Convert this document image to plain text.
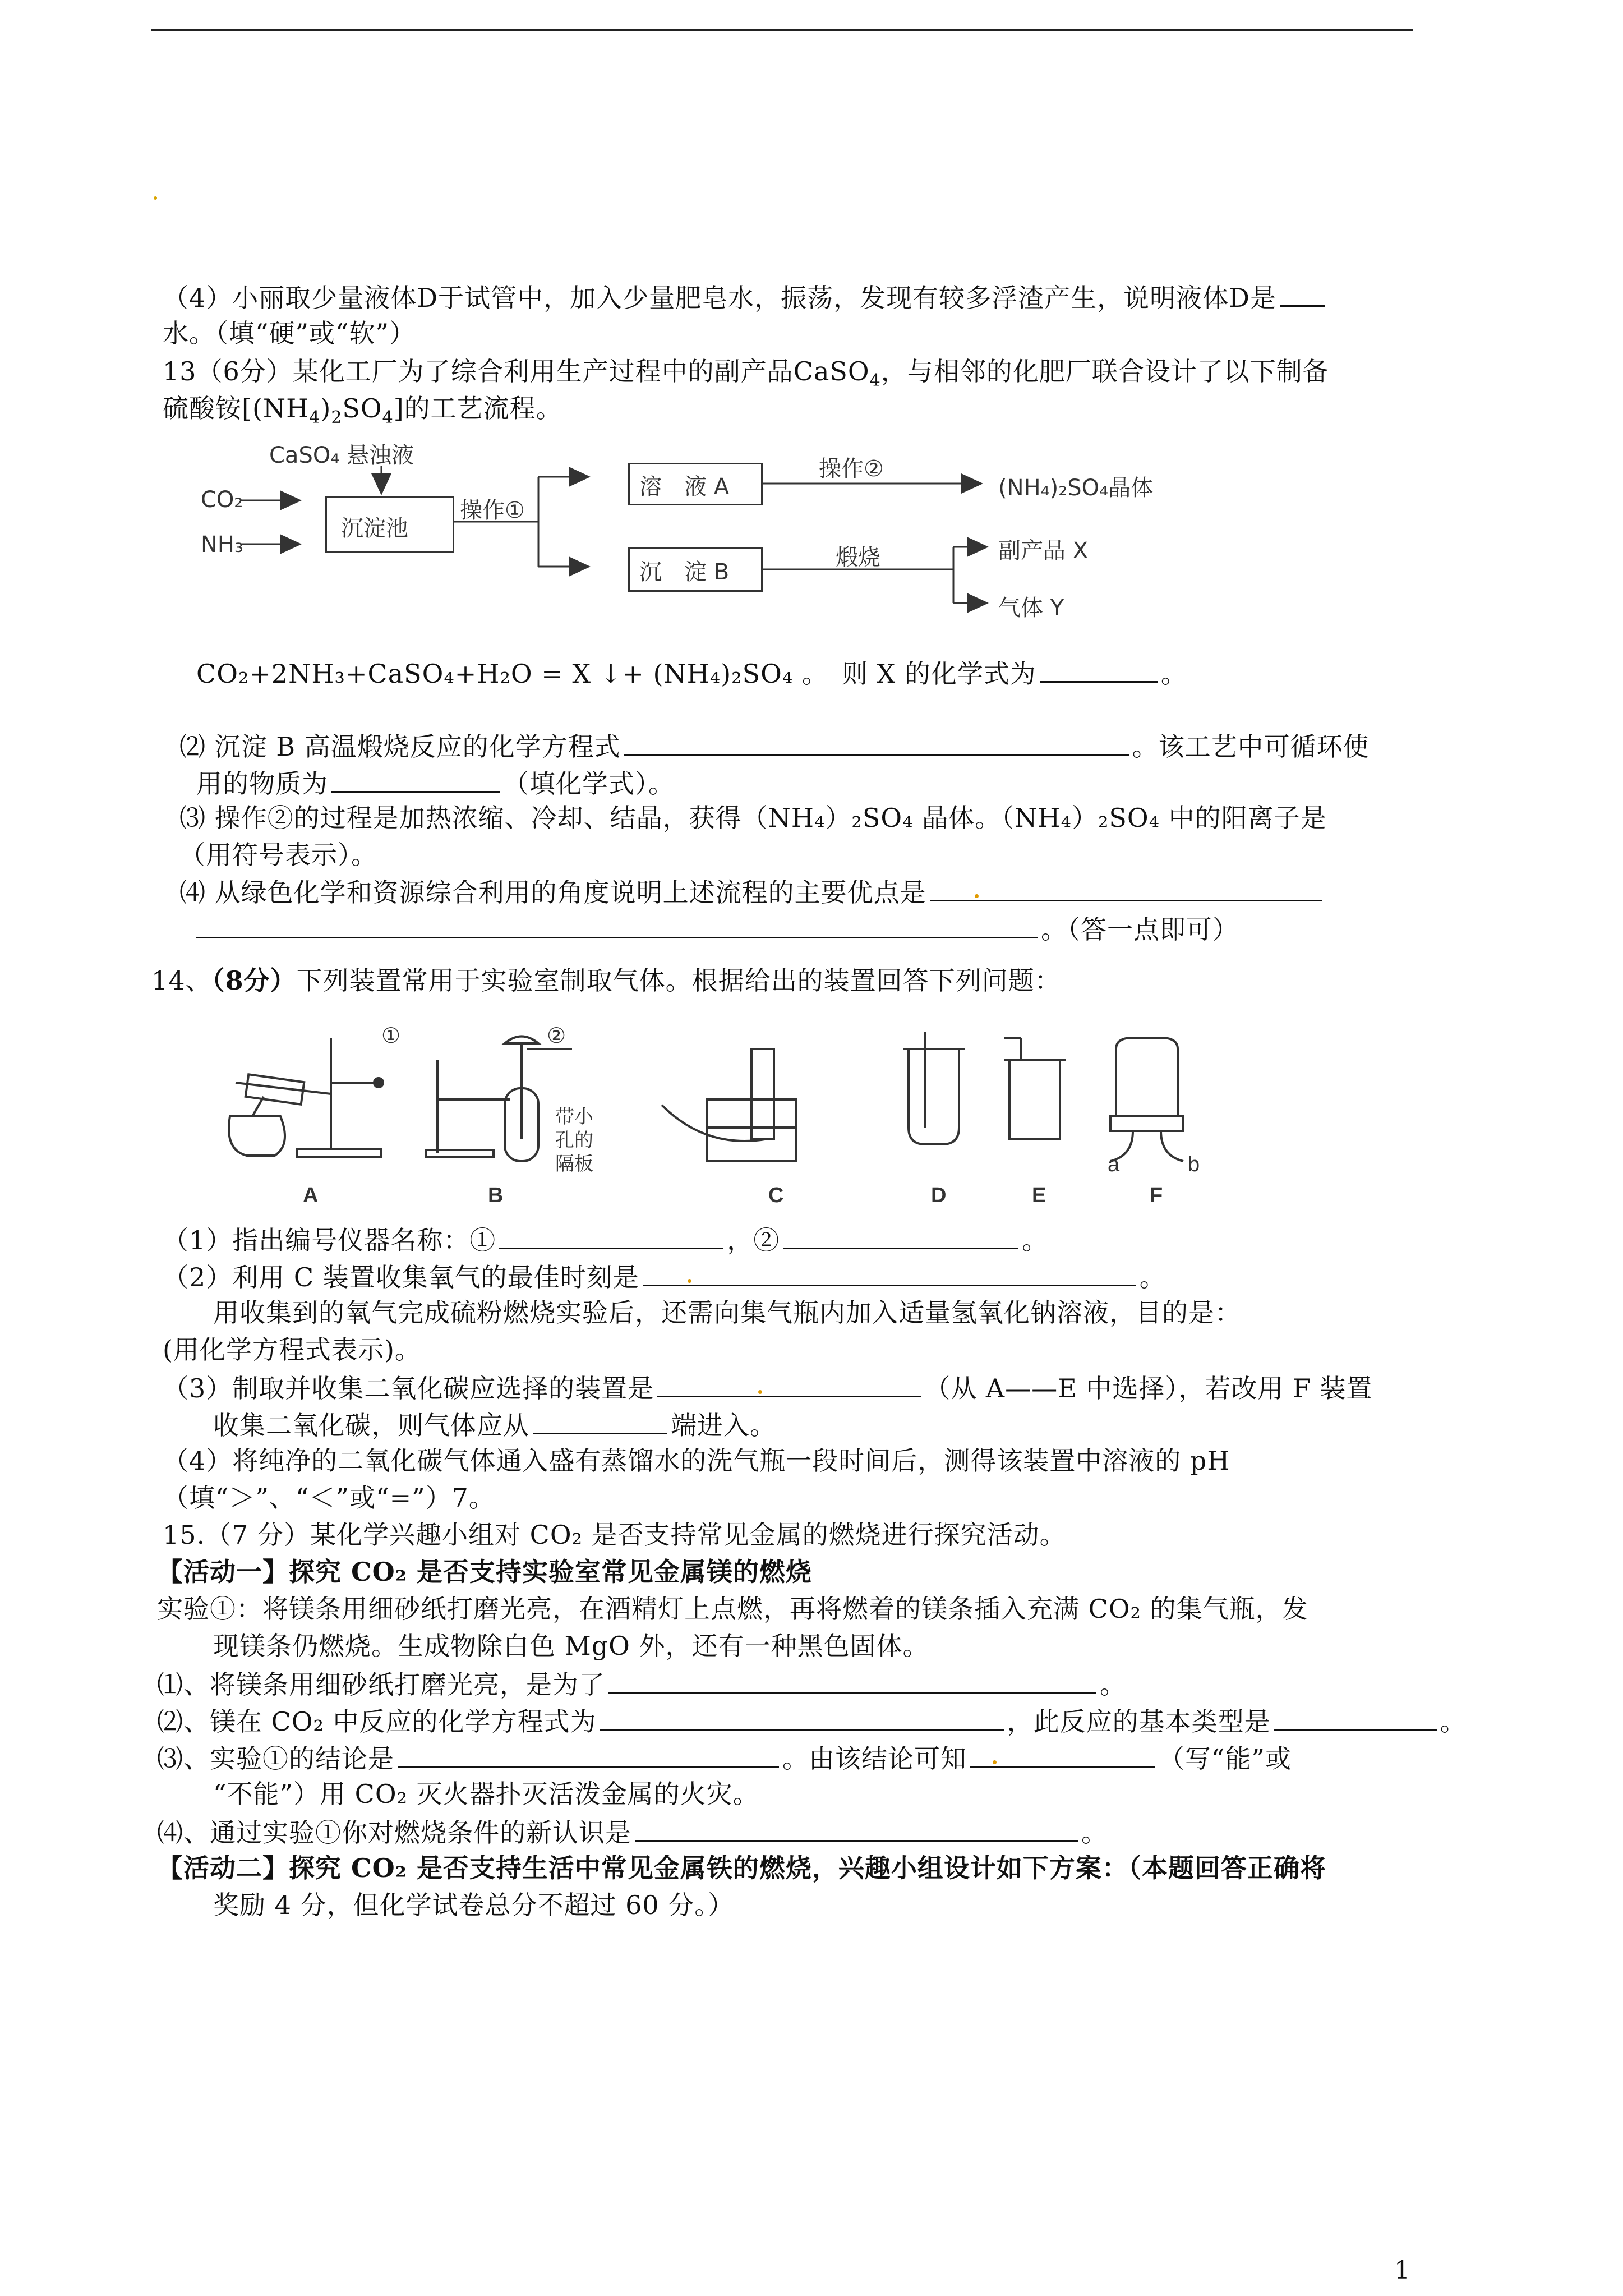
（4）小丽取少量液体D于试管中，加入少量肥皂水，振荡，发现有较多浮渣产生，说明液体D是
水。（填“硬”或“软”）
13（6分）某化工厂为了综合利用生产过程中的副产品CaSO$_4$，与相邻的化肥厂联合设计了以下制备
硫酸铵$[(NH_4)_2SO_4]$的工艺流程。
CaSO₄ 悬浊液
CO₂
NH₃
沉淀池
操作①
溶　液 A
操作②
(NH₄)₂SO₄晶体
沉　淀 B
煅烧	副产品 X
气体 Y
CO₂+2NH₃+CaSO₄+H₂O = X ↓+ (NH₄)₂SO₄ 。　则 X 的化学式为	。
⑵ 沉淀 B 高温煅烧反应的化学方程式	。该工艺中可循环使
用的物质为	（填化学式）。
⑶ 操作②的过程是加热浓缩、冷却、结晶，获得（NH₄）₂SO₄ 晶体。（NH₄）₂SO₄ 中的阳离子是
（用符号表示）。
⑷ 从绿色化学和资源综合利用的角度说明上述流程的主要优点是
。（答一点即可）
14、（8分）下列装置常用于实验室制取气体。根据给出的装置回答下列问题：
①	②
带小孔的隔板	a	b
A	B	C	D	E	F
（1）指出编号仪器名称：①	，②	。
（2）利用 C 装置收集氧气的最佳时刻是	。
用收集到的氧气完成硫粉燃烧实验后，还需向集气瓶内加入适量氢氧化钠溶液，目的是：
(用化学方程式表示)。
（3）制取并收集二氧化碳应选择的装置是	（从 A——E 中选择），若改用 F 装置
收集二氧化碳，则气体应从	端进入。
（4）将纯净的二氧化碳气体通入盛有蒸馏水的洗气瓶一段时间后，测得该装置中溶液的 pH
（填“＞”、“＜”或“=”）7。
15.（7 分）某化学兴趣小组对 CO₂ 是否支持常见金属的燃烧进行探究活动。
【活动一】探究 CO₂ 是否支持实验室常见金属镁的燃烧
实验①：将镁条用细砂纸打磨光亮，在酒精灯上点燃，再将燃着的镁条插入充满 CO₂ 的集气瓶，发
现镁条仍燃烧。生成物除白色 MgO 外，还有一种黑色固体。
⑴、将镁条用细砂纸打磨光亮，是为了	。
⑵、镁在 CO₂ 中反应的化学方程式为	，此反应的基本类型是	。
⑶、实验①的结论是	。由该结论可知	（写“能”或
“不能”）用 CO₂ 灭火器扑灭活泼金属的火灾。
⑷、通过实验①你对燃烧条件的新认识是	。
【活动二】探究 CO₂ 是否支持生活中常见金属铁的燃烧，兴趣小组设计如下方案：（本题回答正确将
奖励 4 分，但化学试卷总分不超过 60 分。）
1
